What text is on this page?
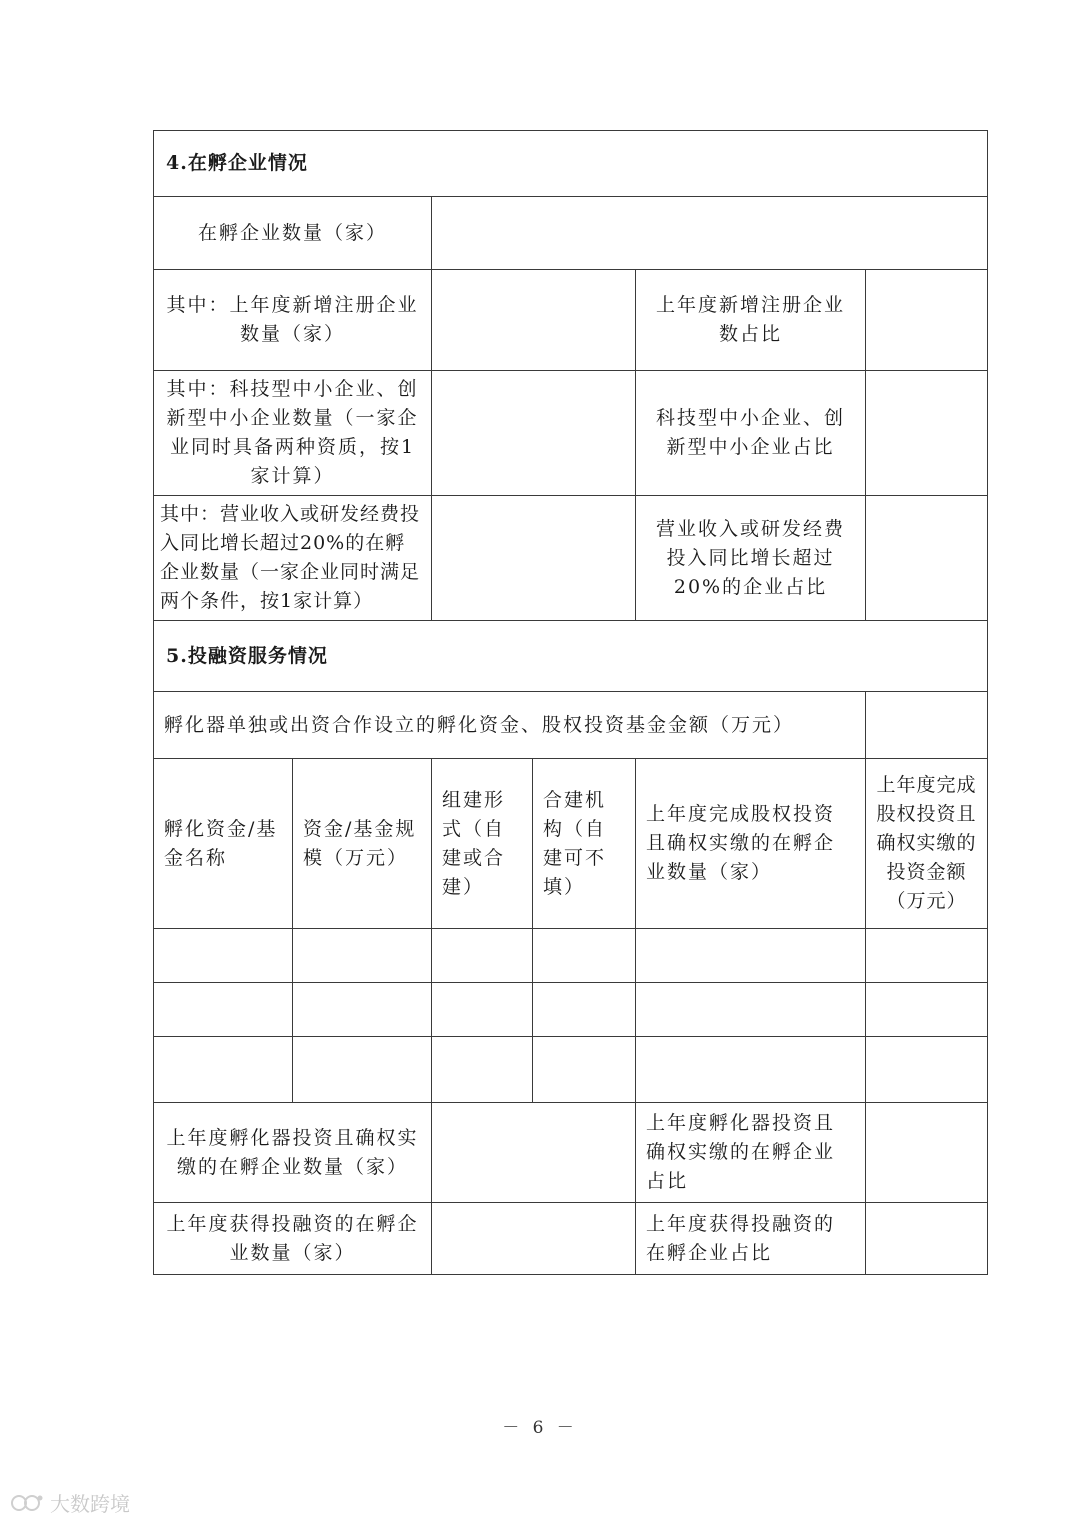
4.在孵企业情况					
在孵企业数量（家）					
其中：上年度新增注册企业数量（家）				上年度新增注册企业数占比	
其中：科技型中小企业、创新型中小企业数量（一家企业同时具备两种资质，按1家计算）				科技型中小企业、创新型中小企业占比	
其中：营业收入或研发经费投入同比增长超过20%的在孵企业数量（一家企业同时满足两个条件，按1家计算）				营业收入或研发经费投入同比增长超过20%的企业占比	
5.投融资服务情况					
孵化器单独或出资合作设立的孵化资金、股权投资基金金额（万元）					
孵化资金/基金名称	资金/基金规模（万元）	组建形式（自建或合建）	合建机构（自建可不填）	上年度完成股权投资且确权实缴的在孵企业数量（家）	上年度完成股权投资且确权实缴的投资金额（万元）

上年度孵化器投资且确权实缴的在孵企业数量（家）				上年度孵化器投资且确权实缴的在孵企业占比	
上年度获得投融资的在孵企业数量（家）				上年度获得投融资的在孵企业占比	
－ 6 －
大数跨境
